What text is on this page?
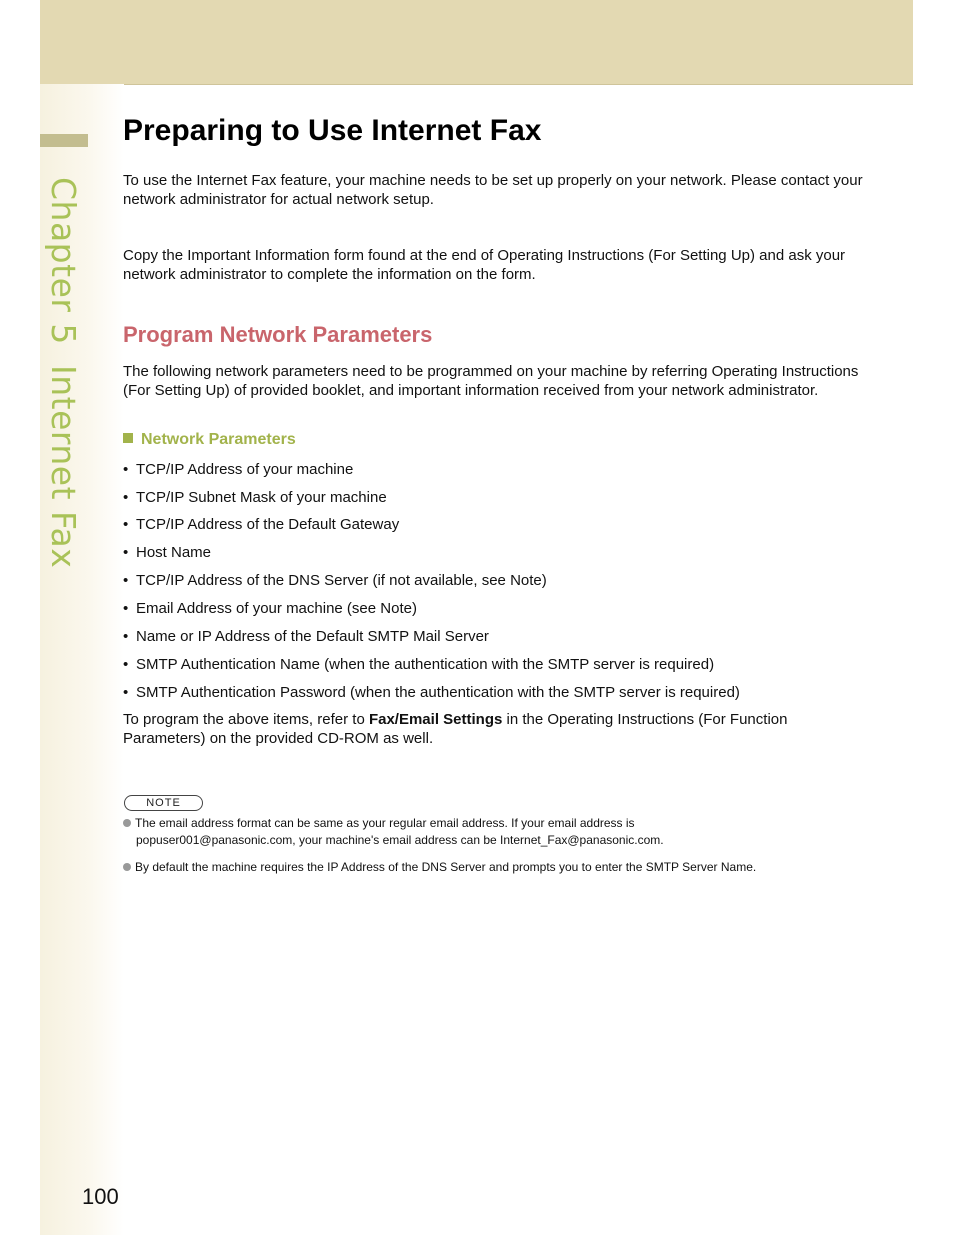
Chapter 5Internet Fax
Preparing to Use Internet Fax

To use the Internet Fax feature, your machine needs to be set up properly on your network. Please contact your network administrator for actual network setup.

Copy the Important Information form found at the end of Operating Instructions (For Setting Up) and ask your network administrator to complete the information on the form.

Program Network Parameters

The following network parameters need to be programmed on your machine by referring Operating Instructions (For Setting Up) of provided booklet, and important information received from your network administrator.

Network Parameters
• TCP/IP Address of your machine
• TCP/IP Subnet Mask of your machine
• TCP/IP Address of the Default Gateway
• Host Name
• TCP/IP Address of the DNS Server (if not available, see Note)
• Email Address of your machine (see Note)
• Name or IP Address of the Default SMTP Mail Server
• SMTP Authentication Name (when the authentication with the SMTP server is required)
• SMTP Authentication Password (when the authentication with the SMTP server is required)

To program the above items, refer to Fax/Email Settings in the Operating Instructions (For Function Parameters) on the provided CD-ROM as well.

NOTE
The email address format can be same as your regular email address. If your email address is
popuser001@panasonic.com, your machine's email address can be Internet_Fax@panasonic.com.
By default the machine requires the IP Address of the DNS Server and prompts you to enter the SMTP Server Name.
100
